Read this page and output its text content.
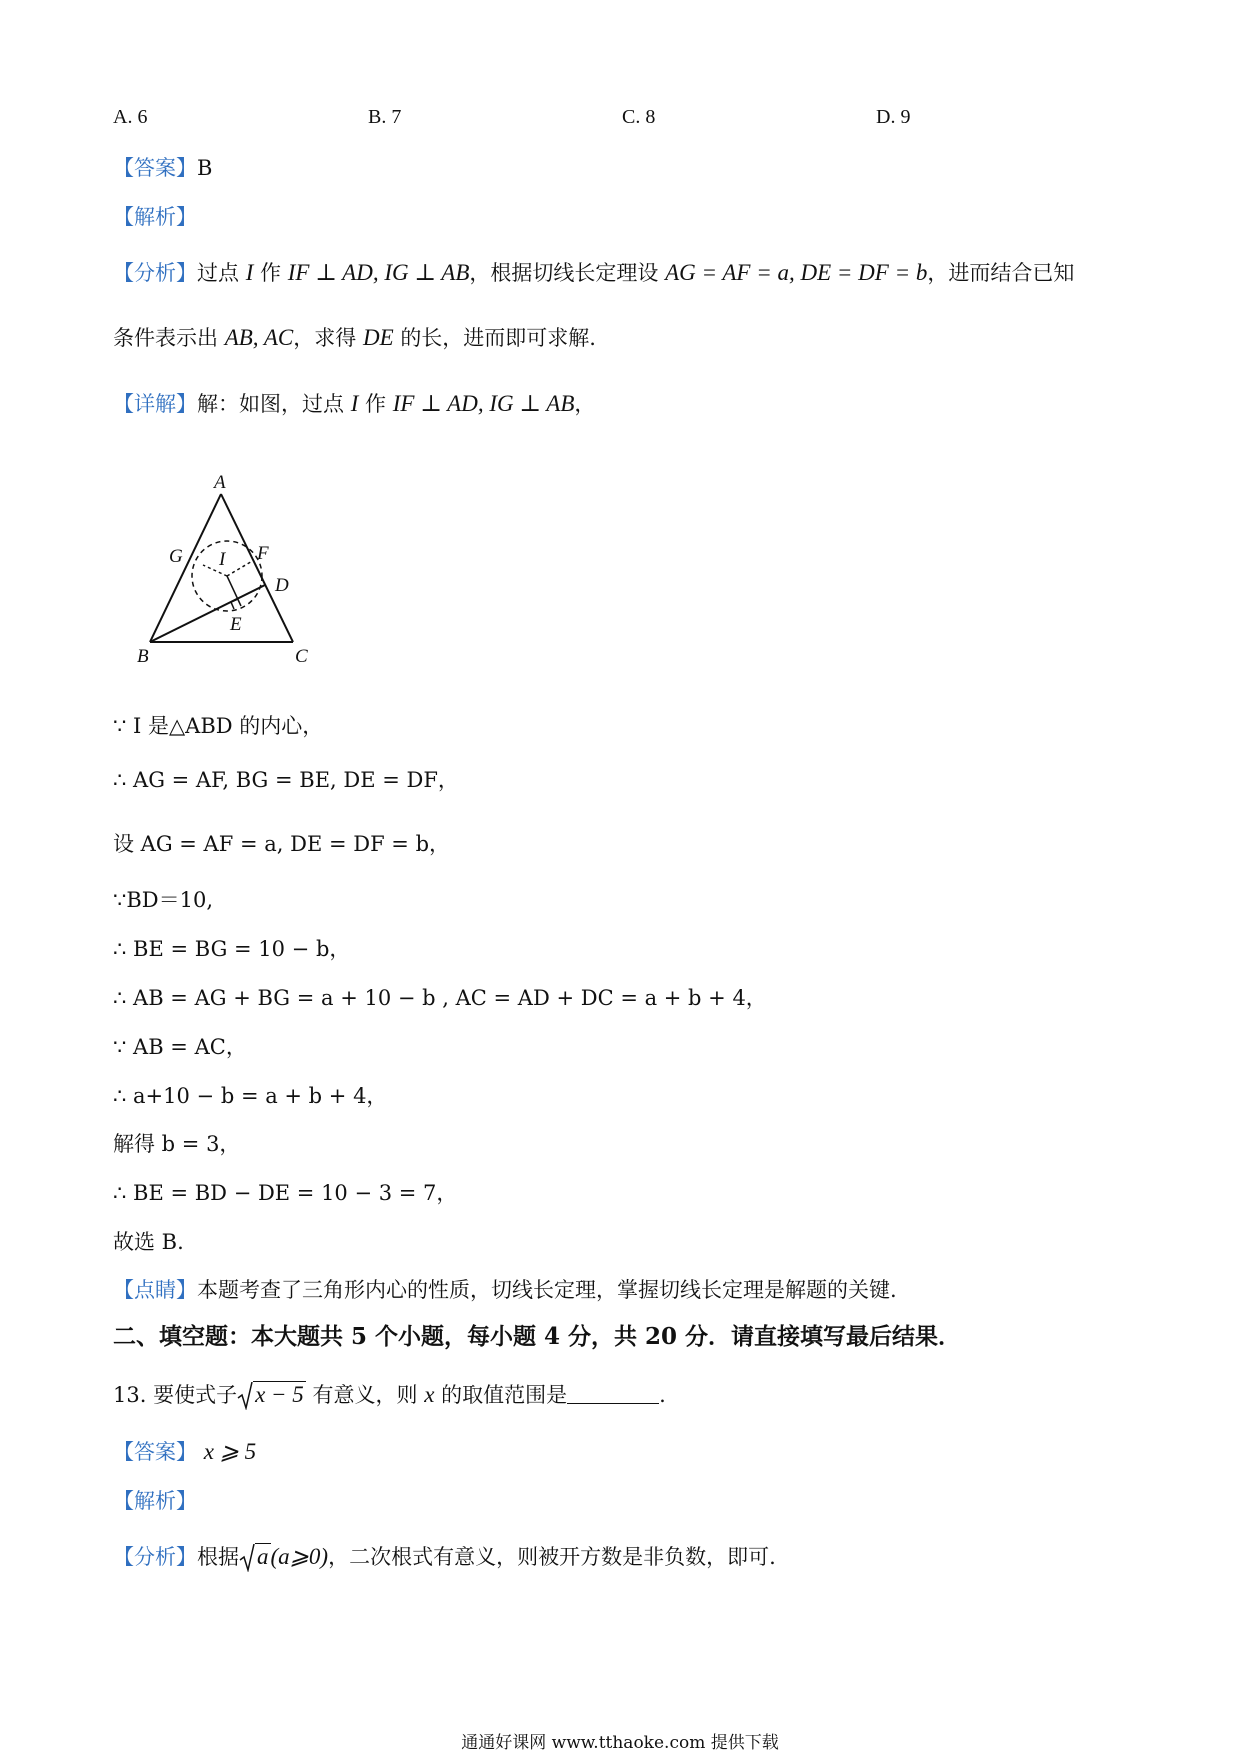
A. 6	B. 7	C. 8	D. 9
【答案】B
【解析】
【分析】过点 I 作 IF ⊥ AD, IG ⊥ AB，根据切线长定理设 AG = AF = a, DE = DF = b，进而结合已知
条件表示出 AB, AC，求得 DE 的长，进而即可求解.
【详解】解：如图，过点 I 作 IF ⊥ AD, IG ⊥ AB，
A
B	C
D
E
F
G I
∵ I 是△ABD 的内心，
∴ AG = AF, BG = BE, DE = DF，
设 AG = AF = a, DE = DF = b，
∵BD＝10,
∴ BE = BG = 10 − b，
∴ AB = AG + BG = a + 10 − b , AC = AD + DC = a + b + 4，
∵ AB = AC，
∴ a+10 − b = a + b + 4，
解得 b = 3，
∴ BE = BD − DE = 10 − 3 = 7，
故选 B.
【点睛】本题考查了三角形内心的性质，切线长定理，掌握切线长定理是解题的关键.
二、填空题：本大题共 5 个小题，每小题 4 分，共 20 分．请直接填写最后结果．
13. 要使式子 x − 5 有意义，则 x 的取值范围是	.
【答案】 x ⩾ 5
【解析】
【分析】根据 a(a⩾0)，二次根式有意义，则被开方数是非负数，即可.
通通好课网 www.tthaoke.com 提供下载
